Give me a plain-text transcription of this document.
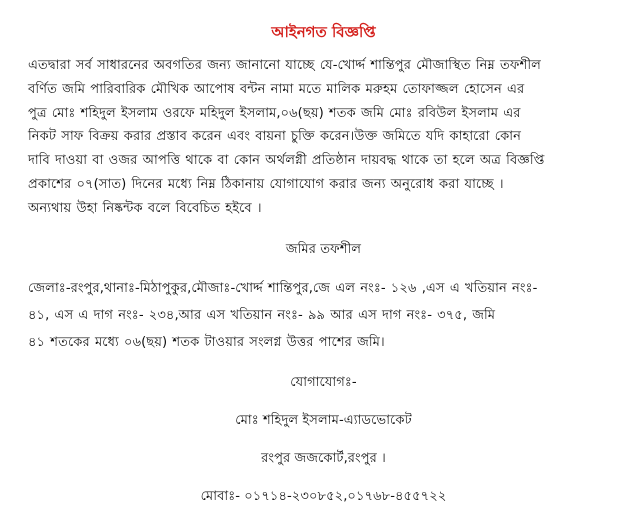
আইনগত বিজ্ঞপ্তি

এতদ্বারা সর্ব সাধারনের অবগতির জন্য জানানো যাচ্ছে যে-খোর্দ্দ শান্তিপুর মৌজাস্থিত নিম্ন তফশীল

বর্ণিত জমি পারিবারিক মৌখিক আপোষ বন্টন নামা মতে মালিক মরুহম তোফাজ্জল হোসেন এর

পুত্র মোঃ শহিদুল ইসলাম ওরফে মহিদুল ইসলাম,০৬(ছয়) শতক জমি মোঃ রবিউল ইসলাম এর

নিকট সাফ বিক্রয় করার প্রস্তাব করেন এবং বায়না চুক্তি করেন।উক্ত জমিতে যদি কাহারো কোন

দাবি দাওয়া বা ওজর আপত্তি থাকে বা কোন অর্থলগ্নী প্রতিষ্ঠান দায়বদ্ধ থাকে তা হলে অত্র বিজ্ঞপ্তি

প্রকাশের ০৭(সাত) দিনের মধ্যে নিম্ন ঠিকানায় যোগাযোগ করার জন্য অনুরোধ করা যাচ্ছে ।

অন্যথায় উহা নিষ্কন্টক বলে বিবেচিত হইবে ।

জমির তফশীল

জেলাঃ-রংপুর,থানাঃ-মিঠাপুকুর,মৌজাঃ-খোর্দ্দ শান্তিপুর,জে এল নংঃ- ১২৬ ,এস এ খতিয়ান নংঃ-

৪১, এস এ দাগ নংঃ- ২৩৪,আর এস খতিয়ান নংঃ- ৯৯ আর এস দাগ নংঃ- ৩৭৫, জমি

৪১ শতকের মধ্যে ০৬(ছয়) শতক টাওয়ার সংলগ্ন উত্তর পাশের জমি।

যোগাযোগঃ-
মোঃ শহিদুল ইসলাম-এ্যাডভোকেট
রংপুর জজকোর্ট,রংপুর ।
মোবাঃ- ০১৭১৪-২৩০৮৫২,০১৭৬৮-৪৫৫৭২২
